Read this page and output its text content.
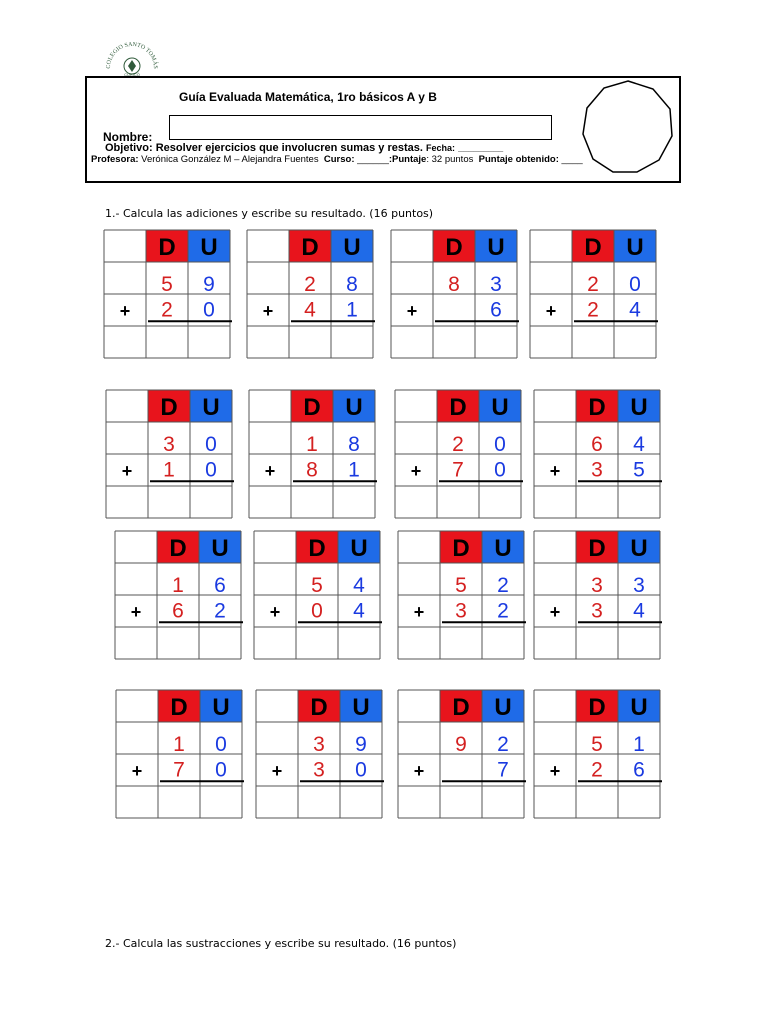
COLEGIO SANTO TOMÁS
CURICÓ
Guía Evaluada Matemática, 1ro básicos A y B
Nombre:
Objetivo: Resolver ejercicios que involucren sumas y restas. Fecha: _________
Profesora: Verónica González M – Alejandra Fuentes Curso: ______:Puntaje: 32 puntos Puntaje obtenido: ____
1.- Calcula las adiciones y escribe su resultado. (16 puntos)
D U
5 9
2 0
+
D U
2 8
4 1
+
D U
8 3
6
+
D U
2 0
2 4
+
D U
3 0
1 0
+
D U
1 8
8 1
+
D U
2 0
7 0
+
D U
6 4
3 5
+
D U
1 6
6 2
+
D U
5 4
0 4
+
D U
5 2
3 2
+
D U
3 3
3 4
+
D U
1 0
7 0
+
D U
3 9
3 0
+
D U
9 2
7
+
D U
5 1
2 6
+
2.- Calcula las sustracciones y escribe su resultado. (16 puntos)
